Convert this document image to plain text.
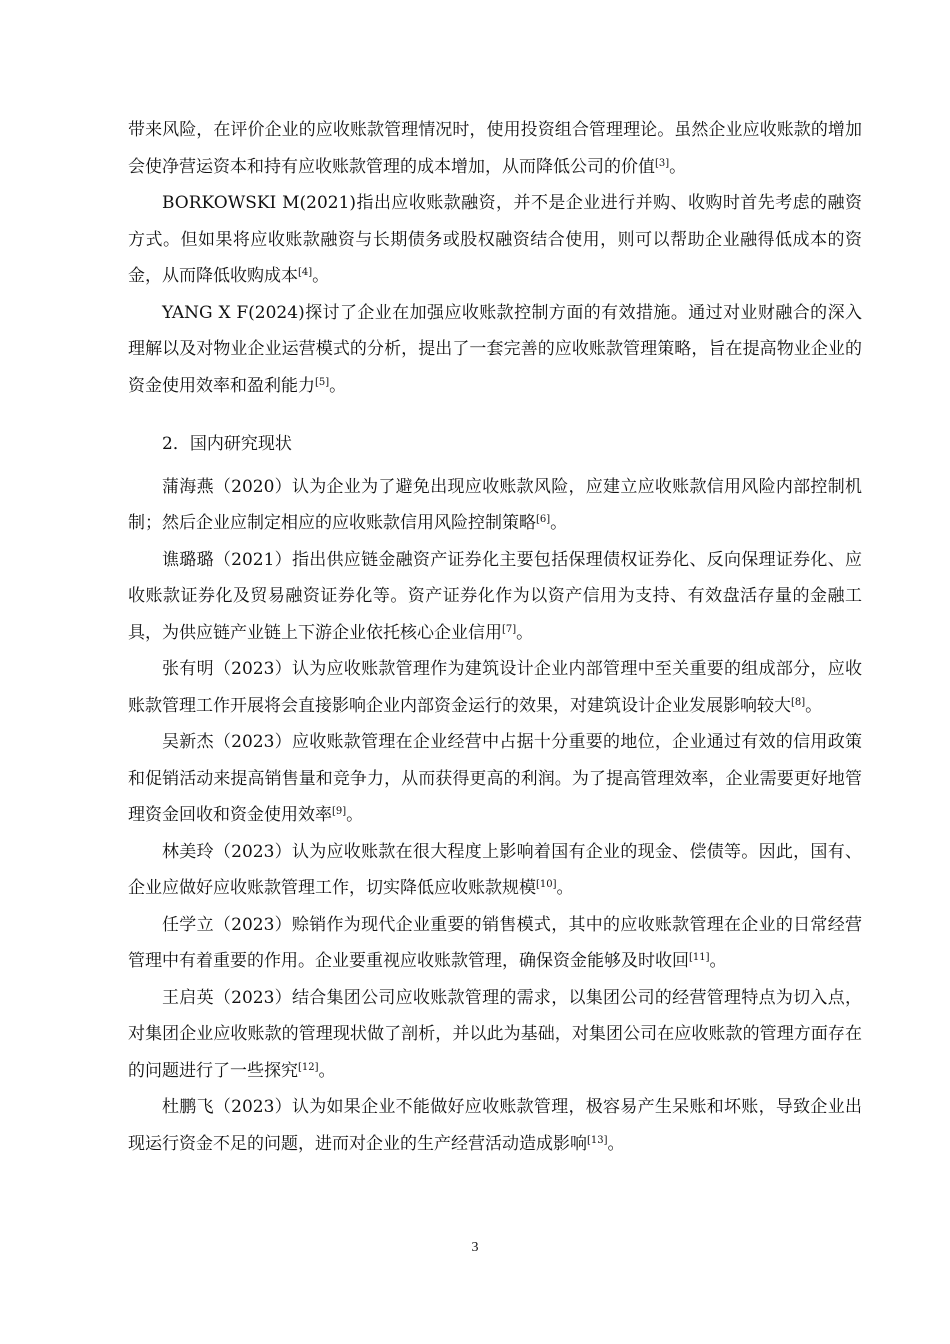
带来风险，在评价企业的应收账款管理情况时，使用投资组合管理理论。虽然企业应收账款的增加会使净营运资本和持有应收账款管理的成本增加，从而降低公司的价值[3]。

BORKOWSKI M(2021)指出应收账款融资，并不是企业进行并购、收购时首先考虑的融资方式。但如果将应收账款融资与长期债务或股权融资结合使用，则可以帮助企业融得低成本的资金，从而降低收购成本[4]。

YANG X F(2024)探讨了企业在加强应收账款控制方面的有效措施。通过对业财融合的深入理解以及对物业企业运营模式的分析，提出了一套完善的应收账款管理策略，旨在提高物业企业的资金使用效率和盈利能力[5]。

2．国内研究现状

蒲海燕（2020）认为企业为了避免出现应收账款风险，应建立应收账款信用风险内部控制机制；然后企业应制定相应的应收账款信用风险控制策略[6]。

谯璐璐（2021）指出供应链金融资产证券化主要包括保理债权证券化、反向保理证券化、应收账款证券化及贸易融资证券化等。资产证券化作为以资产信用为支持、有效盘活存量的金融工具，为供应链产业链上下游企业依托核心企业信用[7]。

张有明（2023）认为应收账款管理作为建筑设计企业内部管理中至关重要的组成部分，应收账款管理工作开展将会直接影响企业内部资金运行的效果，对建筑设计企业发展影响较大[8]。

吴新杰（2023）应收账款管理在企业经营中占据十分重要的地位，企业通过有效的信用政策和促销活动来提高销售量和竞争力，从而获得更高的利润。为了提高管理效率，企业需要更好地管理资金回收和资金使用效率[9]。

林美玲（2023）认为应收账款在很大程度上影响着国有企业的现金、偿债等。因此，国有、企业应做好应收账款管理工作，切实降低应收账款规模[10]。

任学立（2023）赊销作为现代企业重要的销售模式，其中的应收账款管理在企业的日常经营管理中有着重要的作用。企业要重视应收账款管理，确保资金能够及时收回[11]。

王启英（2023）结合集团公司应收账款管理的需求，以集团公司的经营管理特点为切入点，对集团企业应收账款的管理现状做了剖析，并以此为基础，对集团公司在应收账款的管理方面存在的问题进行了一些探究[12]。

杜鹏飞（2023）认为如果企业不能做好应收账款管理，极容易产生呆账和坏账，导致企业出现运行资金不足的问题，进而对企业的生产经营活动造成影响[13]。

3
